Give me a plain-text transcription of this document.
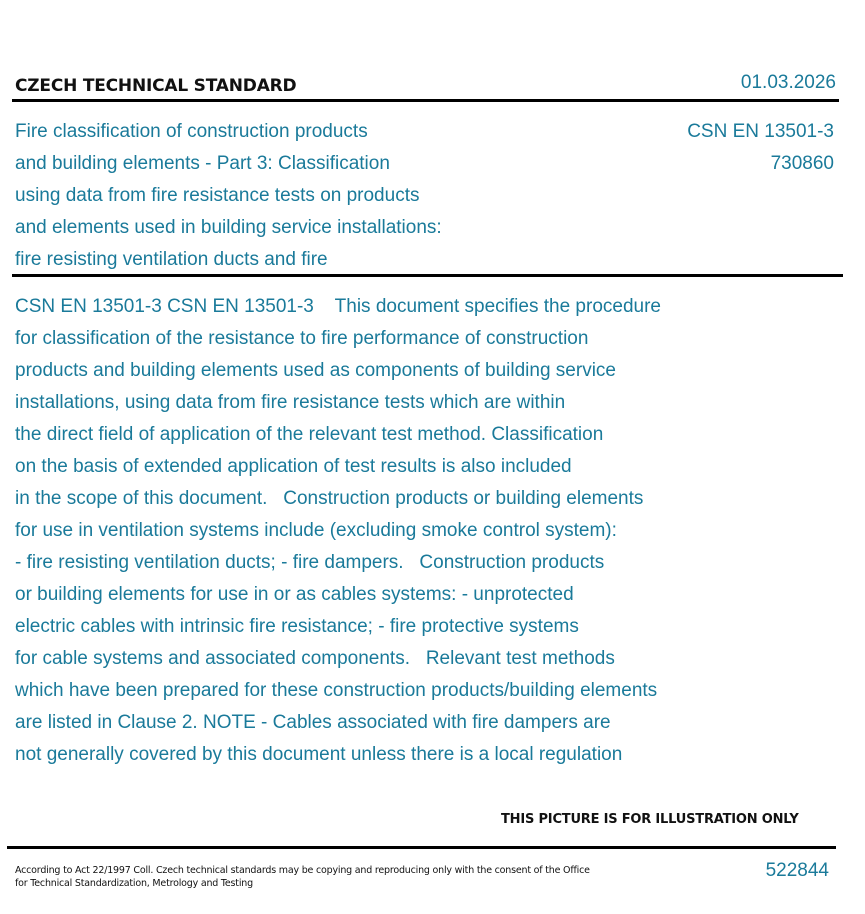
CZECH TECHNICAL STANDARD	01.03.2026
Fire classification of construction products
and building elements - Part 3: Classification
using data from fire resistance tests on products
and elements used in building service installations:
fire resisting ventilation ducts and fire
CSN EN 13501-3
730860
CSN EN 13501-3 CSN EN 13501-3    This document specifies the procedure
for classification of the resistance to fire performance of construction
products and building elements used as components of building service
installations, using data from fire resistance tests which are within
the direct field of application of the relevant test method. Classification
on the basis of extended application of test results is also included
in the scope of this document.   Construction products or building elements
for use in ventilation systems include (excluding smoke control system):
- fire resisting ventilation ducts; - fire dampers.   Construction products
or building elements for use in or as cables systems: - unprotected
electric cables with intrinsic fire resistance; - fire protective systems
for cable systems and associated components.   Relevant test methods
which have been prepared for these construction products/building elements
are listed in Clause 2. NOTE - Cables associated with fire dampers are
not generally covered by this document unless there is a local regulation
THIS PICTURE IS FOR ILLUSTRATION ONLY
According to Act 22/1997 Coll. Czech technical standards may be copying and reproducing only with the consent of the Office
for Technical Standardization, Metrology and Testing
522844
